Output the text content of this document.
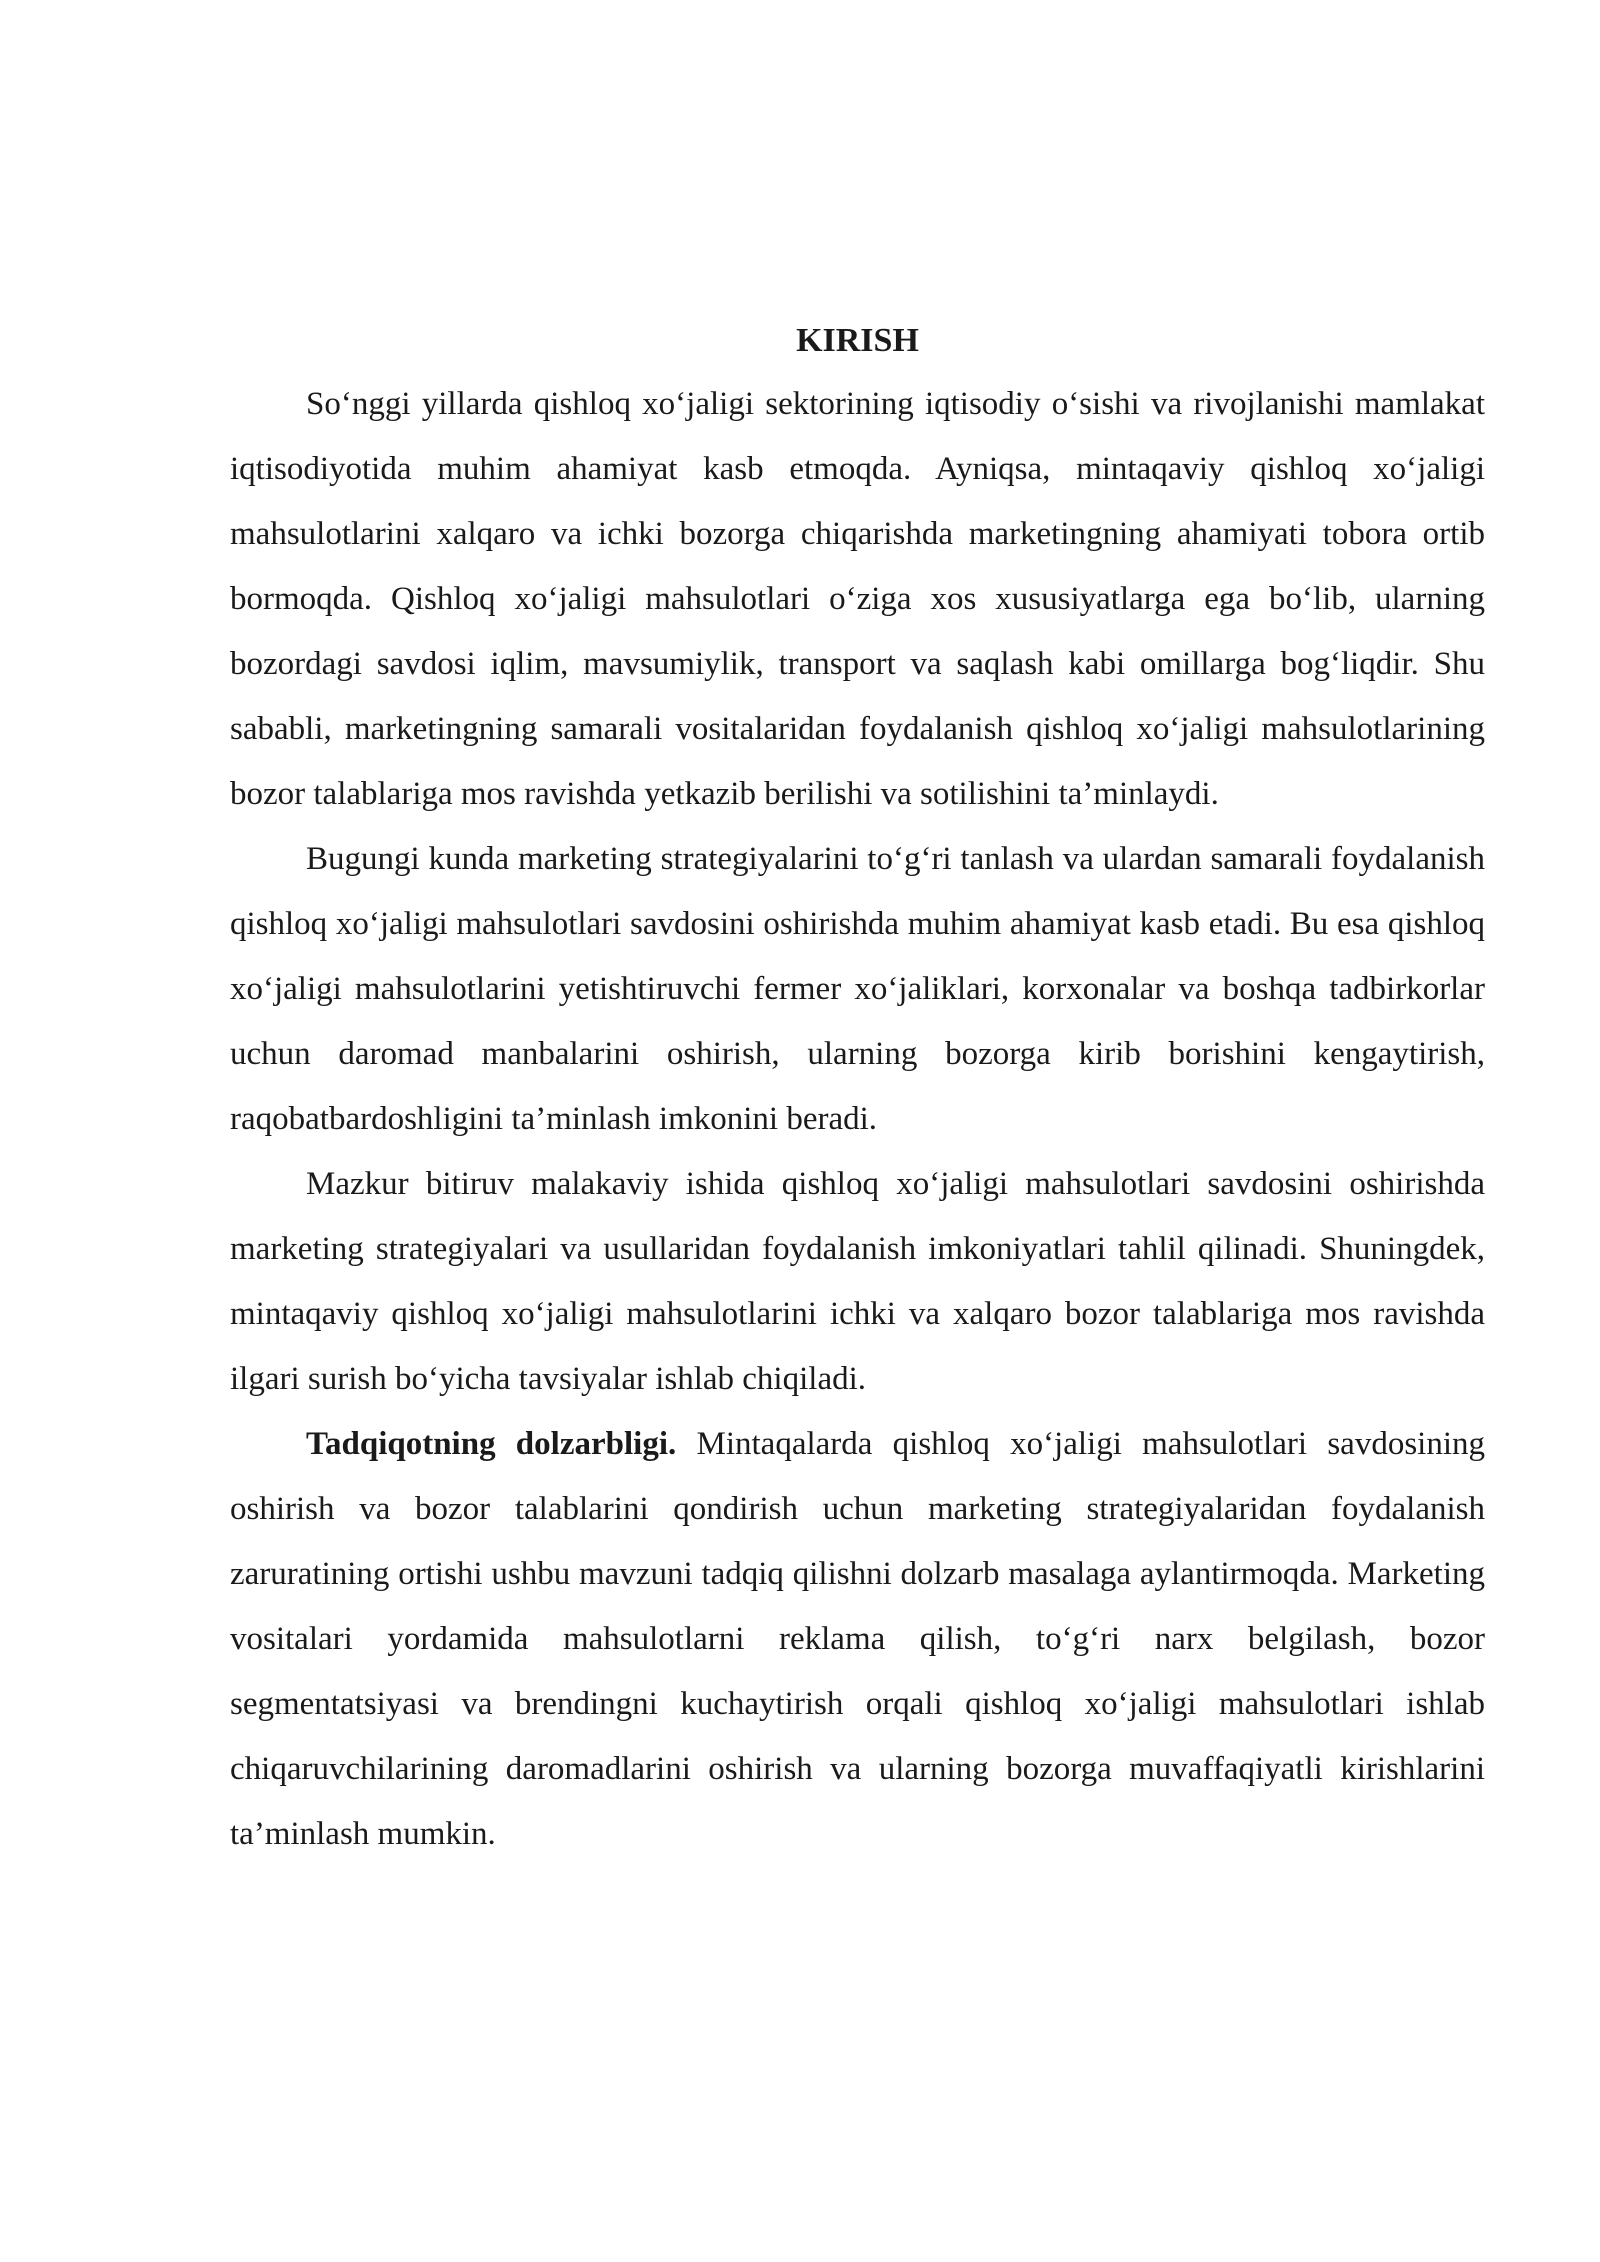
KIRISH

So‘nggi yillarda qishloq xo‘jaligi sektorining iqtisodiy o‘sishi va rivojlanishi mamlakat iqtisodiyotida muhim ahamiyat kasb etmoqda. Ayniqsa, mintaqaviy qishloq xo‘jaligi mahsulotlarini xalqaro va ichki bozorga chiqarishda marketingning ahamiyati tobora ortib bormoqda. Qishloq xo‘jaligi mahsulotlari o‘ziga xos xususiyatlarga ega bo‘lib, ularning bozordagi savdosi iqlim, mavsumiylik, transport va saqlash kabi omillarga bog‘liqdir. Shu sababli, marketingning samarali vositalaridan foydalanish qishloq xo‘jaligi mahsulotlarining bozor talablariga mos ravishda yetkazib berilishi va sotilishini ta’minlaydi.

Bugungi kunda marketing strategiyalarini to‘g‘ri tanlash va ulardan samarali foydalanish qishloq xo‘jaligi mahsulotlari savdosini oshirishda muhim ahamiyat kasb etadi. Bu esa qishloq xo‘jaligi mahsulotlarini yetishtiruvchi fermer xo‘jaliklari, korxonalar va boshqa tadbirkorlar uchun daromad manbalarini oshirish, ularning bozorga kirib borishini kengaytirish, raqobatbardoshligini ta’minlash imkonini beradi.

Mazkur bitiruv malakaviy ishida qishloq xo‘jaligi mahsulotlari savdosini oshirishda marketing strategiyalari va usullaridan foydalanish imkoniyatlari tahlil qilinadi. Shuningdek, mintaqaviy qishloq xo‘jaligi mahsulotlarini ichki va xalqaro bozor talablariga mos ravishda ilgari surish bo‘yicha tavsiyalar ishlab chiqiladi.

Tadqiqotning dolzarbligi. Mintaqalarda qishloq xo‘jaligi mahsulotlari savdosining oshirish va bozor talablarini qondirish uchun marketing strategiyalaridan foydalanish zaruratining ortishi ushbu mavzuni tadqiq qilishni dolzarb masalaga aylantirmoqda. Marketing vositalari yordamida mahsulotlarni reklama qilish, to‘g‘ri narx belgilash, bozor segmentatsiyasi va brendingni kuchaytirish orqali qishloq xo‘jaligi mahsulotlari ishlab chiqaruvchilarining daromadlarini oshirish va ularning bozorga muvaffaqiyatli kirishlarini ta’minlash mumkin.
